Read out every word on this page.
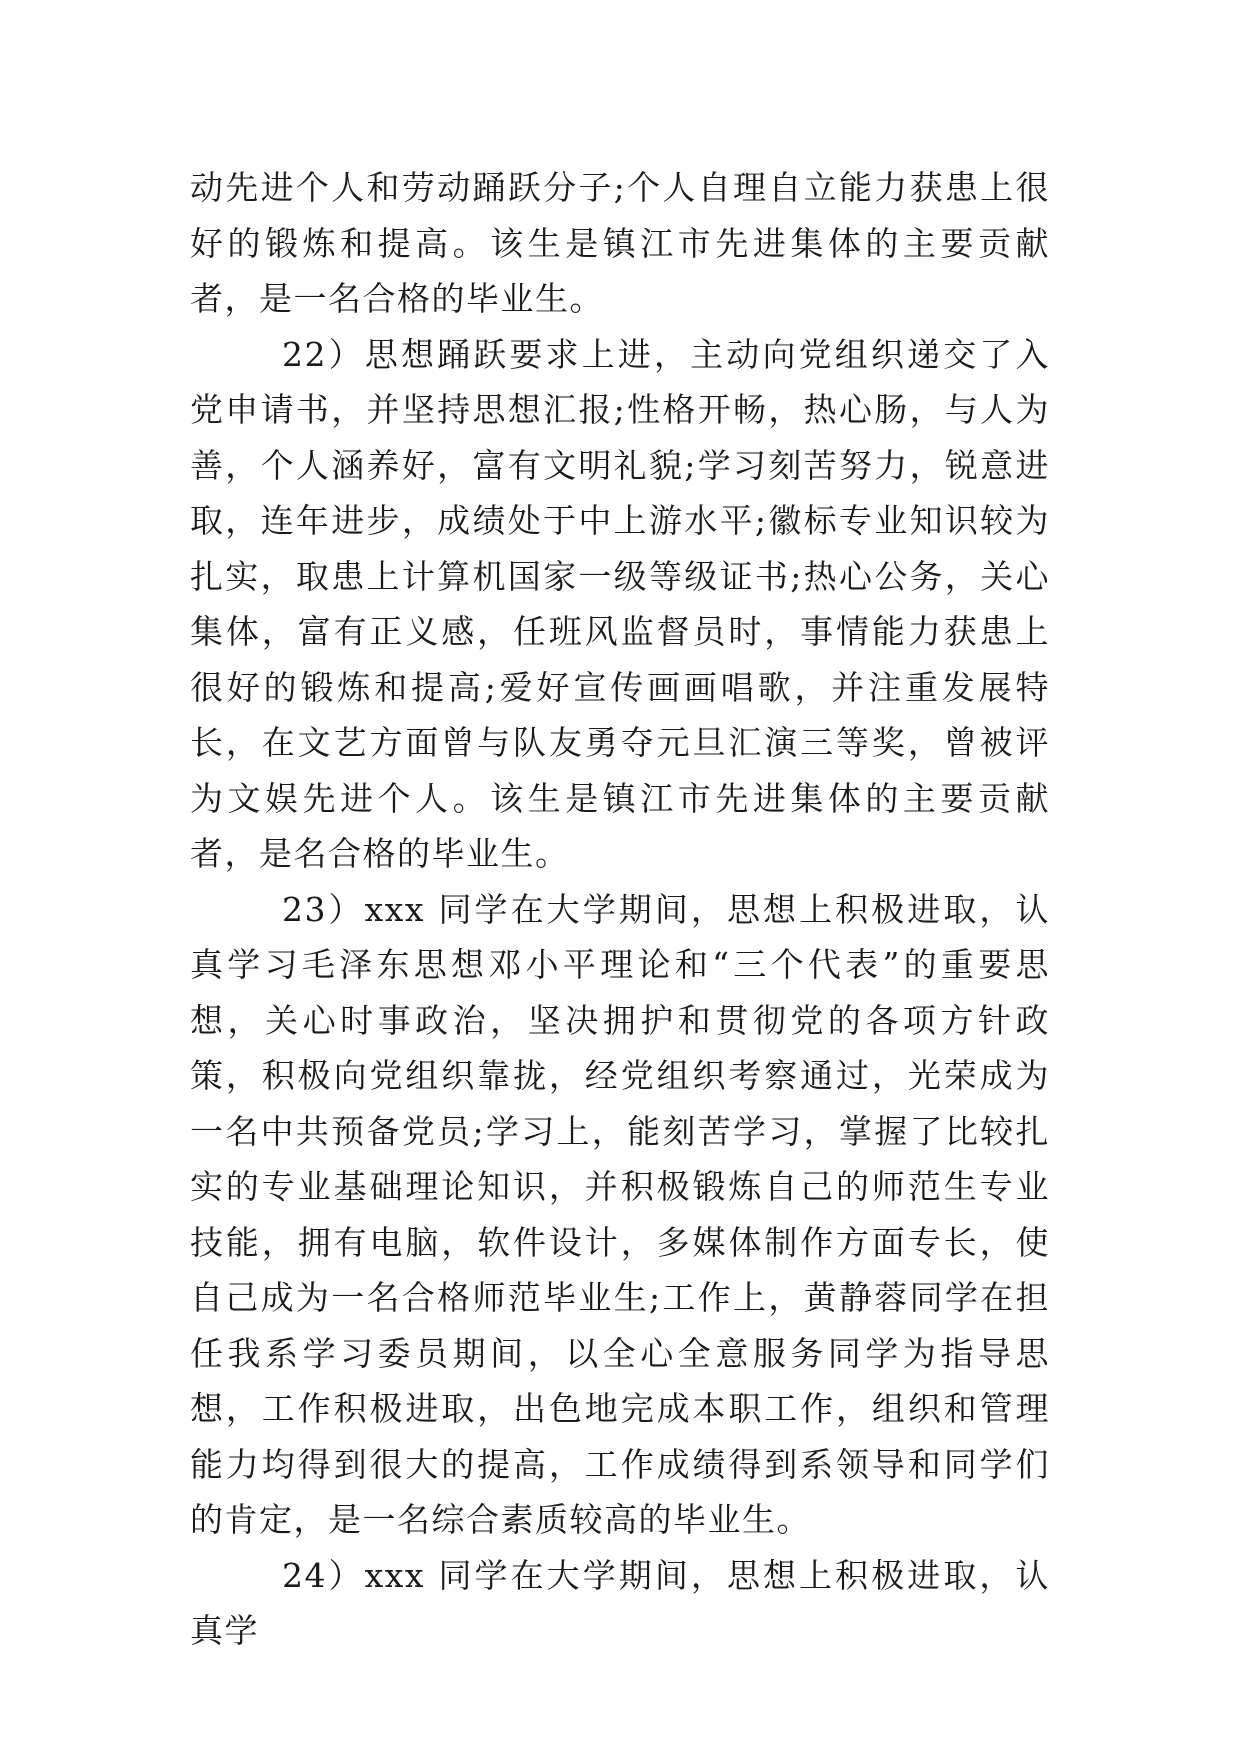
动先进个人和劳动踊跃分子;个人自理自立能力获患上很好的锻炼和提高。该生是镇江市先进集体的主要贡献者，是一名合格的毕业生。

22）思想踊跃要求上进，主动向党组织递交了入党申请书，并坚持思想汇报;性格开畅，热心肠，与人为善，个人涵养好，富有文明礼貌;学习刻苦努力，锐意进取，连年进步，成绩处于中上游水平;徽标专业知识较为扎实，取患上计算机国家一级等级证书;热心公务，关心集体，富有正义感，任班风监督员时，事情能力获患上很好的锻炼和提高;爱好宣传画画唱歌，并注重发展特长，在文艺方面曾与队友勇夺元旦汇演三等奖，曾被评为文娱先进个人。该生是镇江市先进集体的主要贡献者，是名合格的毕业生。

23）xxx 同学在大学期间，思想上积极进取，认真学习毛泽东思想邓小平理论和“三个代表”的重要思想，关心时事政治，坚决拥护和贯彻党的各项方针政策，积极向党组织靠拢，经党组织考察通过，光荣成为一名中共预备党员;学习上，能刻苦学习，掌握了比较扎实的专业基础理论知识，并积极锻炼自己的师范生专业技能，拥有电脑，软件设计，多媒体制作方面专长，使自己成为一名合格师范毕业生;工作上，黄静蓉同学在担任我系学习委员期间，以全心全意服务同学为指导思想，工作积极进取，出色地完成本职工作，组织和管理能力均得到很大的提高，工作成绩得到系领导和同学们的肯定，是一名综合素质较高的毕业生。

24）xxx 同学在大学期间，思想上积极进取，认真学
